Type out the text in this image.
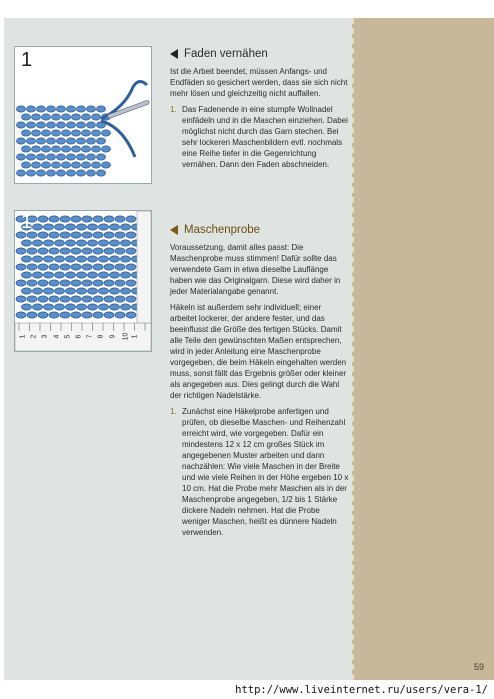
59
1
1
1 2 3 4 5 6 7 8 9 10 1
Faden vernähen

Ist die Arbeit beendet, müssen Anfangs- und Endfäden so gesichert werden, dass sie sich nicht mehr lösen und gleichzeitig nicht auffallen.

1. Das Fadenende in eine stumpfe Wollnadel einfädeln und in die Maschen einziehen. Dabei möglichst nicht durch das Garn stechen. Bei sehr lockeren Maschenbildern evtl. nochmals eine Reihe tiefer in die Gegenrichtung vernähen. Dann den Faden abschneiden.

Maschenprobe

Voraussetzung, damit alles passt: Die Maschenprobe muss stimmen! Dafür sollte das verwendete Garn in etwa dieselbe Lauflänge haben wie das Originalgarn. Diese wird daher in jeder Materialangabe genannt.

Häkeln ist außerdem sehr individuell; einer arbeitet lockerer, der andere fester, und das beeinflusst die Größe des fertigen Stücks. Damit alle Teile den gewünschten Maßen entsprechen, wird in jeder Anleitung eine Maschenprobe vorgegeben, die beim Häkeln eingehalten werden muss, sonst fällt das Ergebnis größer oder kleiner als angegeben aus. Dies gelingt durch die Wahl der richtigen Nadelstärke.

1. Zunächst eine Häkelprobe anfertigen und prüfen, ob dieselbe Maschen- und Reihenzahl erreicht wird, wie vorgegeben. Dafür ein mindestens 12 x 12 cm großes Stück im angegebenen Muster arbeiten und dann nachzählen: Wie viele Maschen in der Breite und wie viele Reihen in der Höhe ergeben 10 x 10 cm. Hat die Probe mehr Maschen als in der Maschenprobe angegeben, 1/2 bis 1 Stärke dickere Nadeln nehmen. Hat die Probe weniger Maschen, heißt es dünnere Nadeln verwenden.

http://www.liveinternet.ru/users/vera-1/
